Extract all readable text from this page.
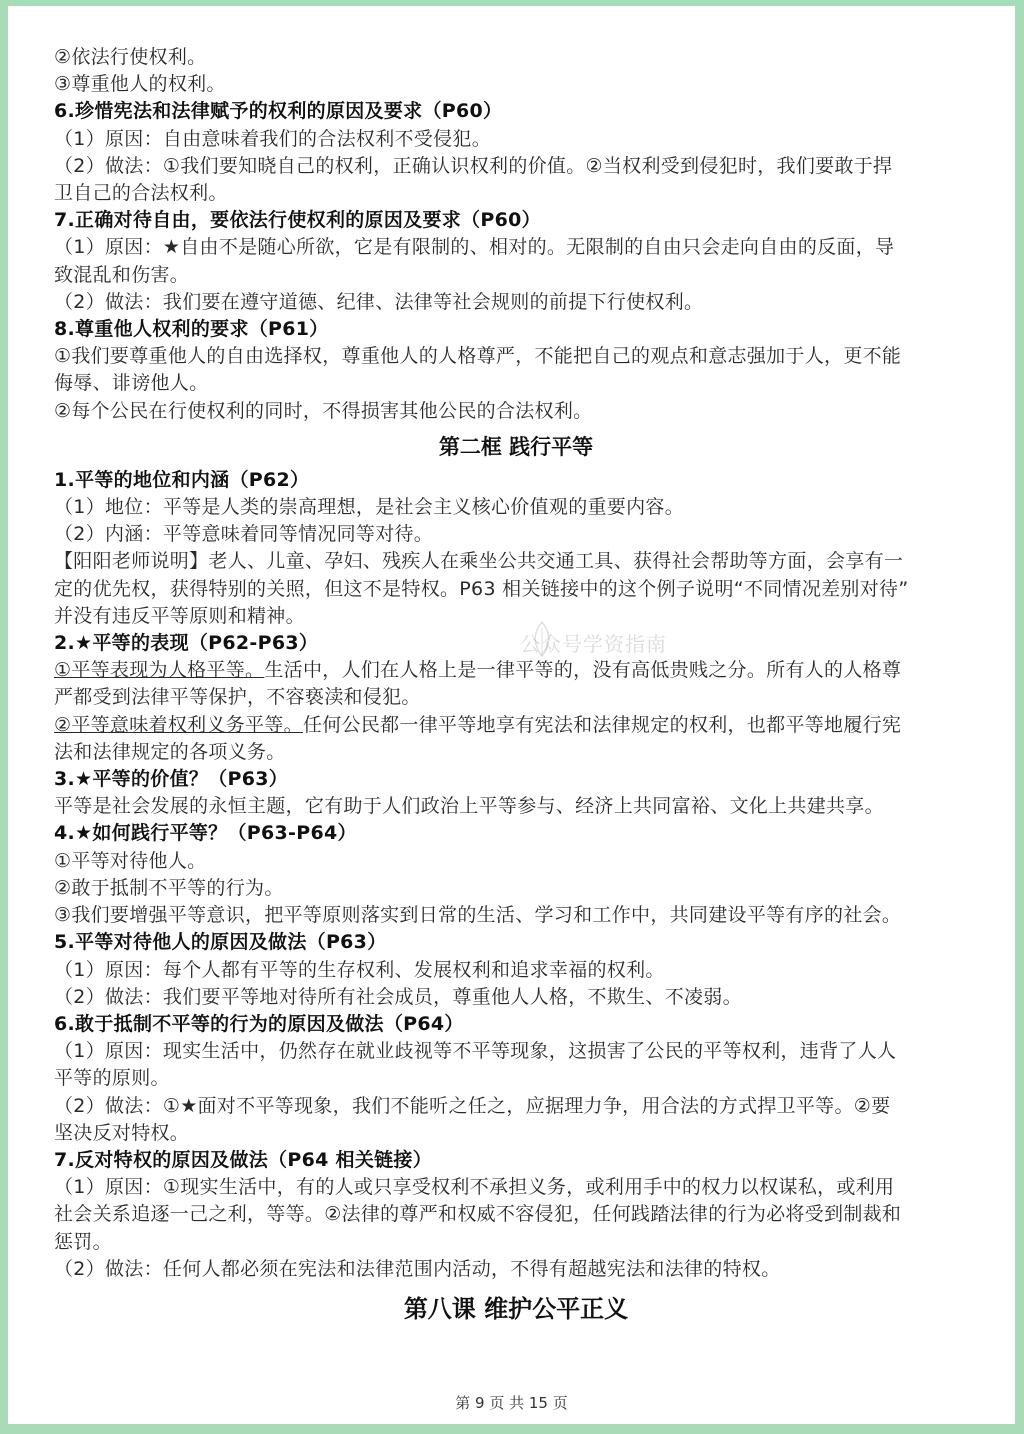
②依法行使权利。
③尊重他人的权利。
6.珍惜宪法和法律赋予的权利的原因及要求（P60）
（1）原因：自由意味着我们的合法权利不受侵犯。
（2）做法：①我们要知晓自己的权利，正确认识权利的价值。②当权利受到侵犯时，我们要敢于捍
卫自己的合法权利。
7.正确对待自由，要依法行使权利的原因及要求（P60）
（1）原因：★自由不是随心所欲，它是有限制的、相对的。无限制的自由只会走向自由的反面，导
致混乱和伤害。
（2）做法：我们要在遵守道德、纪律、法律等社会规则的前提下行使权利。
8.尊重他人权利的要求（P61）
①我们要尊重他人的自由选择权，尊重他人的人格尊严，不能把自己的观点和意志强加于人，更不能
侮辱、诽谤他人。
②每个公民在行使权利的同时，不得损害其他公民的合法权利。
第二框 践行平等
1.平等的地位和内涵（P62）
（1）地位：平等是人类的崇高理想，是社会主义核心价值观的重要内容。
（2）内涵：平等意味着同等情况同等对待。
【阳阳老师说明】老人、儿童、孕妇、残疾人在乘坐公共交通工具、获得社会帮助等方面，会享有一
定的优先权，获得特别的关照，但这不是特权。P63 相关链接中的这个例子说明“不同情况差别对待”
并没有违反平等原则和精神。
2.★平等的表现（P62-P63）
①平等表现为人格平等。生活中，人们在人格上是一律平等的，没有高低贵贱之分。所有人的人格尊
严都受到法律平等保护，不容亵渎和侵犯。
②平等意味着权利义务平等。任何公民都一律平等地享有宪法和法律规定的权利，也都平等地履行宪
法和法律规定的各项义务。
3.★平等的价值？（P63）
平等是社会发展的永恒主题，它有助于人们政治上平等参与、经济上共同富裕、文化上共建共享。
4.★如何践行平等？（P63-P64）
①平等对待他人。
②敢于抵制不平等的行为。
③我们要增强平等意识，把平等原则落实到日常的生活、学习和工作中，共同建设平等有序的社会。
5.平等对待他人的原因及做法（P63）
（1）原因：每个人都有平等的生存权利、发展权利和追求幸福的权利。
（2）做法：我们要平等地对待所有社会成员，尊重他人人格，不欺生、不凌弱。
6.敢于抵制不平等的行为的原因及做法（P64）
（1）原因：现实生活中，仍然存在就业歧视等不平等现象，这损害了公民的平等权利，违背了人人
平等的原则。
（2）做法：①★面对不平等现象，我们不能听之任之，应据理力争，用合法的方式捍卫平等。②要
坚决反对特权。
7.反对特权的原因及做法（P64 相关链接）
（1）原因：①现实生活中，有的人或只享受权利不承担义务，或利用手中的权力以权谋私，或利用
社会关系追逐一己之利，等等。②法律的尊严和权威不容侵犯，任何践踏法律的行为必将受到制裁和
惩罚。
（2）做法：任何人都必须在宪法和法律范围内活动，不得有超越宪法和法律的特权。
第八课 维护公平正义
公众号学资指南
第 9 页 共 15 页
